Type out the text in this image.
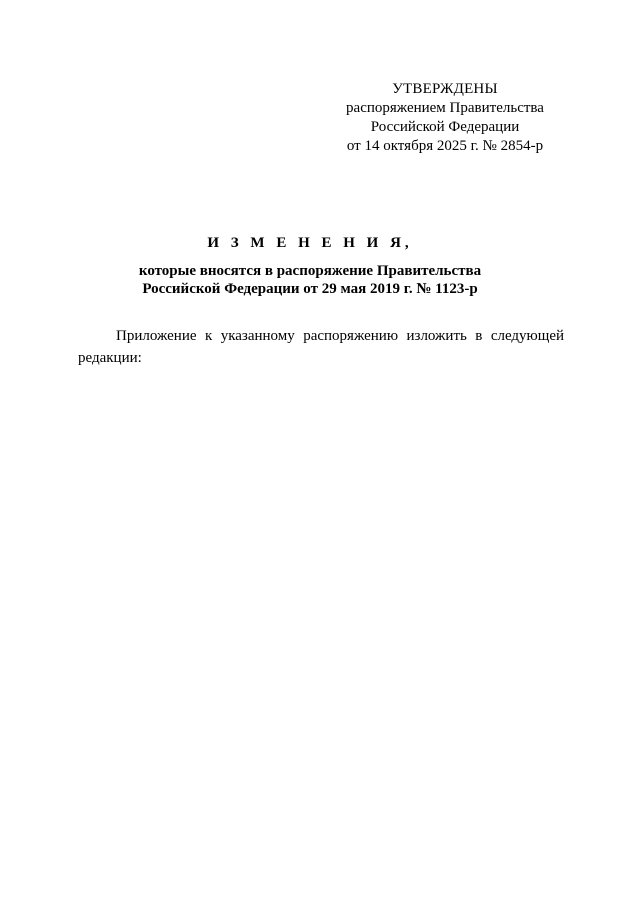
УТВЕРЖДЕНЫ
распоряжением Правительства
Российской Федерации
от 14 октября 2025 г. № 2854-р
И З М Е Н Е Н И Я,
которые вносятся в распоряжение Правительства
Российской Федерации от 29 мая 2019 г. № 1123-р
Приложение к указанному распоряжению изложить в следующей редакции:
